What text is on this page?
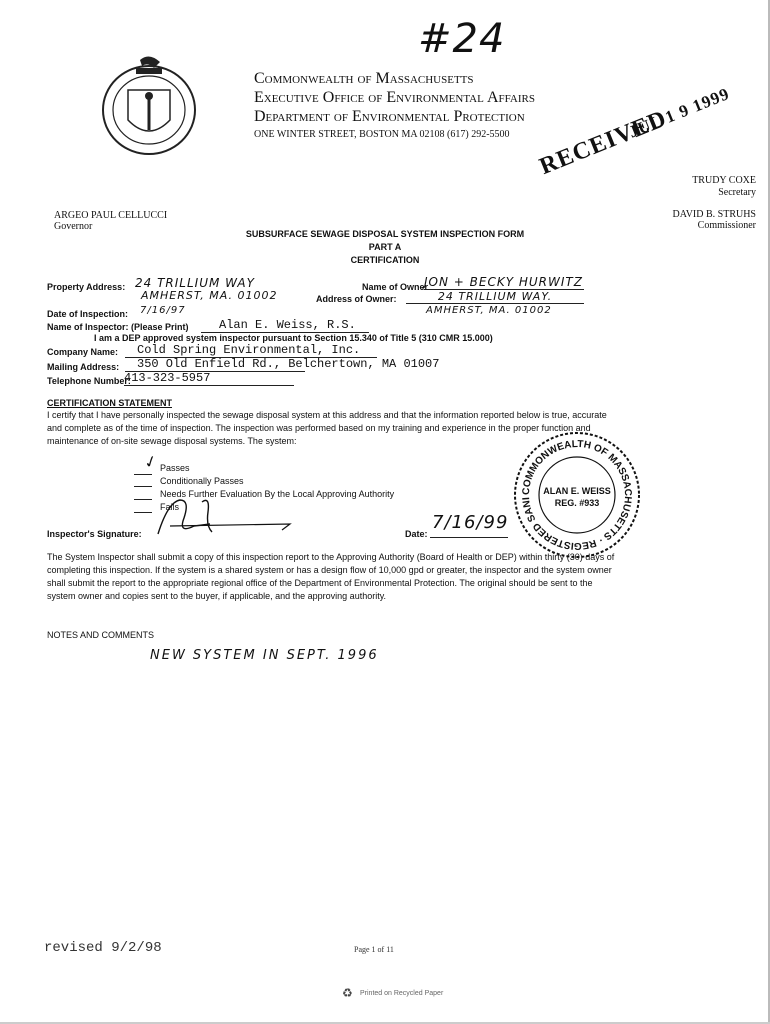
#24
Commonwealth of Massachusetts
Executive Office of Environmental Affairs
Department of Environmental Protection
ONE WINTER STREET, BOSTON MA 02108 (617) 292-5500 RECEIVED
JUL 1 9 1999
TRUDY COXE
Secretary
ARGEO PAUL CELLUCCI
Governor
DAVID B. STRUHS
Commissioner
SUBSURFACE SEWAGE DISPOSAL SYSTEM INSPECTION FORM
PART A
CERTIFICATION
Property Address: 24 TRILLIUM WAY
AMHERST, MA. 01002
Name of Owner
JON + BECKY HURWITZ
Address of Owner:	24 TRILLIUM WAY.
AMHERST, MA. 01002
Date of Inspection: 7/16/97
Name of Inspector: (Please Print)	Alan E. Weiss, R.S.
I am a DEP approved system inspector pursuant to Section 15.340 of Title 5 (310 CMR 15.000)
Company Name:	Cold Spring Environmental, Inc.
Mailing Address:	350 Old Enfield Rd., Belchertown, MA 01007
Telephone Number:
413-323-5957
CERTIFICATION STATEMENT
I certify that I have personally inspected the sewage disposal system at this address and that the information reported below is true, accurate
and complete as of the time of inspection. The inspection was performed based on my training and experience in the proper function and
maintenance of on-site sewage disposal systems. The system:
✓ Passes
Conditionally Passes
Needs Further Evaluation By the Local Approving Authority
Fails
Inspector's Signature:	Date:
7/16/99
COMMONWEALTH OF MASSACHUSETTS · REGISTERED SANI
ALAN E. WEISS
REG. #933
The System Inspector shall submit a copy of this inspection report to the Approving Authority (Board of Health or DEP) within thirty (30) days of
completing this inspection. If the system is a shared system or has a design flow of 10,000 gpd or greater, the inspector and the system owner
shall submit the report to the appropriate regional office of the Department of Environmental Protection. The original should be sent to the
system owner and copies sent to the buyer, if applicable, and the approving authority.
NOTES AND COMMENTS
NEW SYSTEM IN SEPT. 1996
revised 9/2/98	Page 1 of 11
♻ Printed on Recycled Paper
